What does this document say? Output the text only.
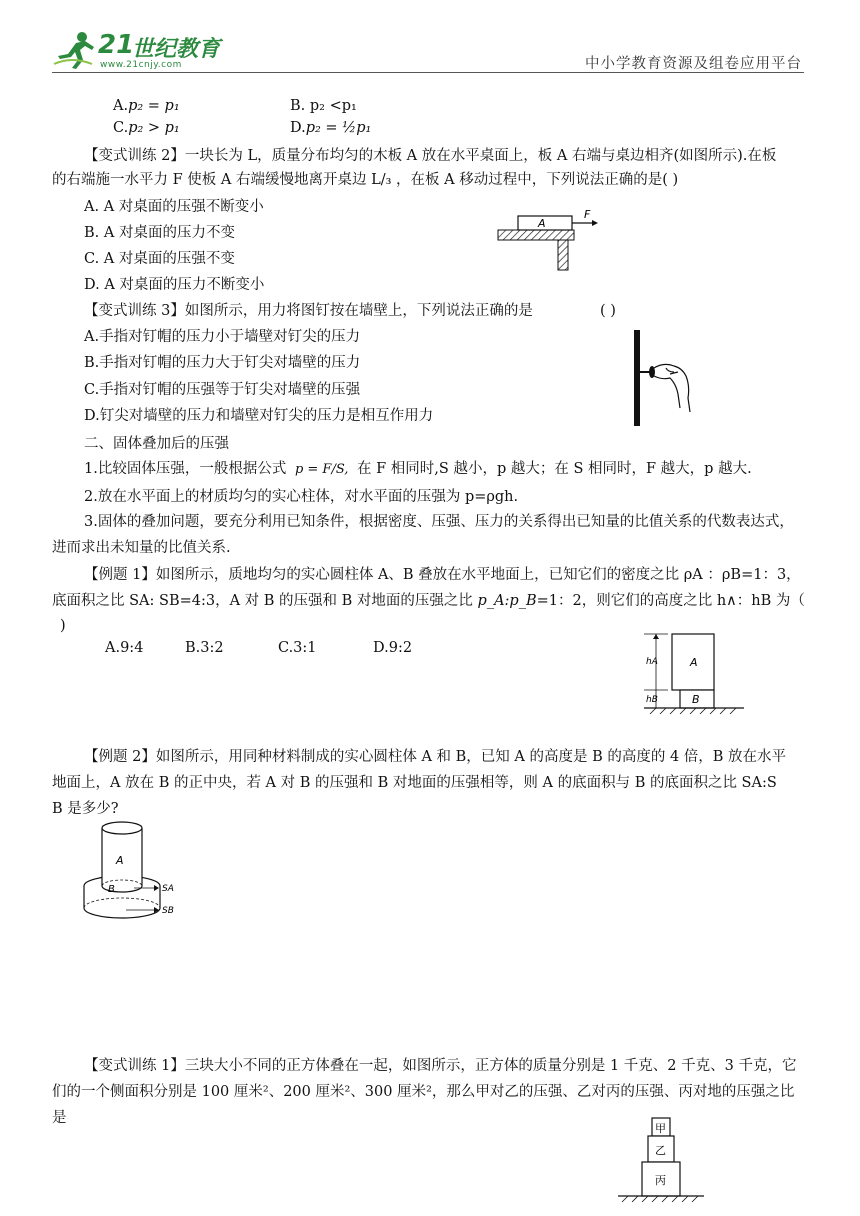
21
世纪教育
www.21cnjy.com	中小学教育资源及组卷应用平台
A.p₂ = p₁	B. p₂ <p₁
C.p₂ > p₁	D.p₂ = ½p₁
【变式训练 2】一块长为 L，质量分布均匀的木板 A 放在水平桌面上，板 A 右端与桌边相齐(如图所示).在板
的右端施一水平力 F 使板 A 右端缓慢地离开桌边 L/₃ ，在板 A 移动过程中，下列说法正确的是( )
A. A 对桌面的压强不断变小
B. A 对桌面的压力不变
C. A 对桌面的压强不变
D. A 对桌面的压力不断变小
A
F
【变式训练 3】如图所示，用力将图钉按在墙壁上，下列说法正确的是	( )
A.手指对钉帽的压力小于墙壁对钉尖的压力
B.手指对钉帽的压力大于钉尖对墙壁的压力
C.手指对钉帽的压强等于钉尖对墙壁的压强
D.钉尖对墙壁的压力和墙壁对钉尖的压力是相互作用力
二、固体叠加后的压强
1.比较固体压强，一般根据公式 p = F/S, 在 F 相同时,S 越小，p 越大；在 S 相同时，F 越大，p 越大.
2.放在水平面上的材质均匀的实心柱体，对水平面的压强为 p=ρgh.
3.固体的叠加问题，要充分利用已知条件，根据密度、压强、压力的关系得出已知量的比值关系的代数表达式，
进而求出未知量的比值关系.
【例题 1】如图所示，质地均匀的实心圆柱体 A、B 叠放在水平地面上，已知它们的密度之比 ρA ：ρB=1：3，
底面积之比 SA: SB=4:3，A 对 B 的压强和 B 对地面的压强之比 p_A:p_B=1：2，则它们的高度之比 h∧：hB 为（
)
A.9:4	B.3:2	C.3:1	D.9:2
hA
hB
A
B
【例题 2】如图所示，用同种材料制成的实心圆柱体 A 和 B，已知 A 的高度是 B 的高度的 4 倍，B 放在水平
地面上，A 放在 B 的正中央，若 A 对 B 的压强和 B 对地面的压强相等，则 A 的底面积与 B 的底面积之比 SA:S
B 是多少?
A
B	SA
SB
【变式训练 1】三块大小不同的正方体叠在一起，如图所示，正方体的质量分别是 1 千克、2 千克、3 千克，它
们的一个侧面积分别是 100 厘米²、200 厘米²、300 厘米²，那么甲对乙的压强、乙对丙的压强、丙对地的压强之比
是
甲
乙
丙
